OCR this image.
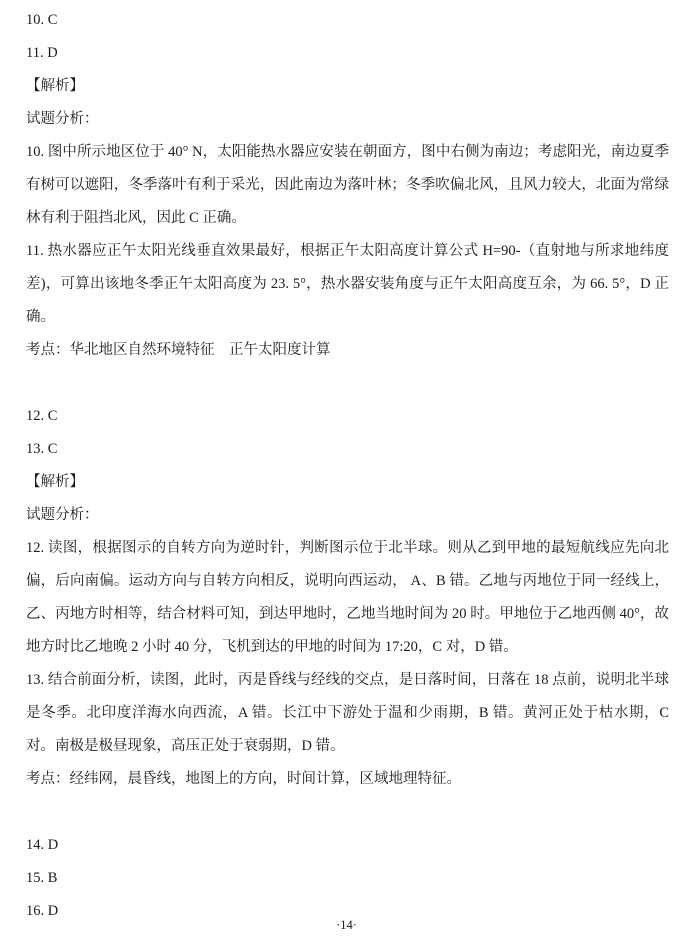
10. C
11. D
【解析】
试题分析：

10. 图中所示地区位于 40° N，太阳能热水器应安装在朝面方，图中右侧为南边；考虑阳光，南边夏季有树可以遮阳，冬季落叶有利于采光，因此南边为落叶林；冬季吹偏北风，且风力较大，北面为常绿林有利于阻挡北风，因此 C 正确。

11. 热水器应正午太阳光线垂直效果最好，根据正午太阳高度计算公式 H=90-（直射地与所求地纬度差)，可算出该地冬季正午太阳高度为 23. 5°，热水器安装角度与正午太阳高度互余，为 66. 5°，D 正确。

考点：华北地区自然环境特征　正午太阳度计算
12. C
13. C
【解析】
试题分析：

12. 读图，根据图示的自转方向为逆时针，判断图示位于北半球。则从乙到甲地的最短航线应先向北偏，后向南偏。运动方向与自转方向相反，说明向西运动， A、B 错。乙地与丙地位于同一经线上，乙、丙地方时相等，结合材料可知，到达甲地时，乙地当地时间为 20 时。甲地位于乙地西侧 40°，故地方时比乙地晚 2 小时 40 分，飞机到达的甲地的时间为 17:20，C 对，D 错。

13. 结合前面分析，读图，此时，丙是昏线与经线的交点，是日落时间，日落在 18 点前，说明北半球是冬季。北印度洋海水向西流，A 错。长江中下游处于温和少雨期，B 错。黄河正处于枯水期，C 对。南极是极昼现象，高压正处于衰弱期，D 错。

考点：经纬网，晨昏线，地图上的方向，时间计算，区域地理特征。
14. D
15. B
16. D
·14·
